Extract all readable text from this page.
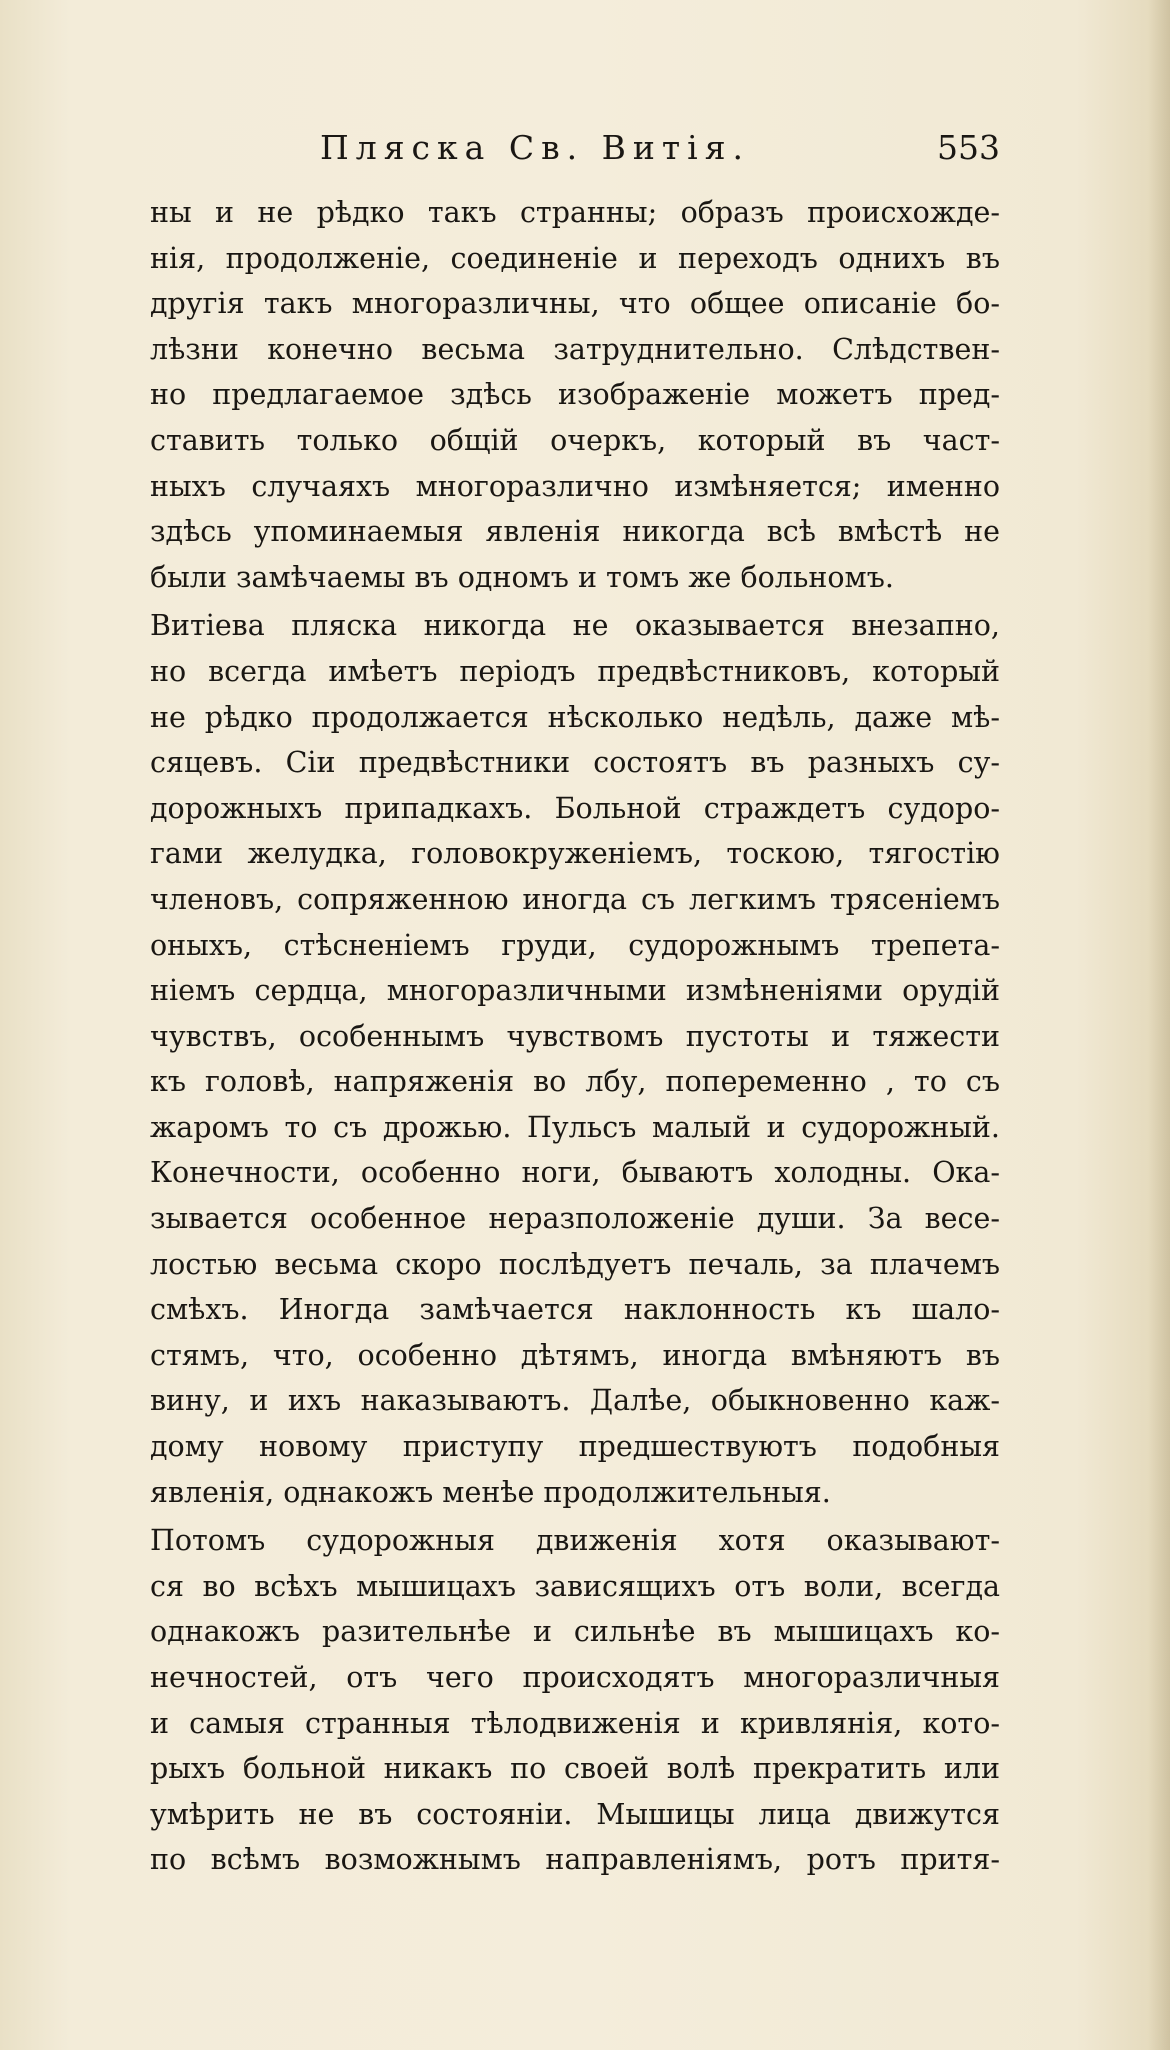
Пляска Св. Витія.	553
ны и не рѣдко такъ странны; образъ происхожде-
нія, продолженіе, соединеніе и переходъ однихъ въ
другія такъ многоразличны, что общее описаніе бо-
лѣзни конечно весьма затруднительно. Слѣдствен-
но предлагаемое здѣсь изображеніе можетъ пред-
ставить только общій очеркъ, который въ част-
ныхъ случаяхъ многоразлично измѣняется; именно
здѣсь упоминаемыя явленія никогда всѣ вмѣстѣ не
были замѣчаемы въ одномъ и томъ же больномъ.
Витіева пляска никогда не оказывается внезапно,
но всегда имѣетъ періодъ предвѣстниковъ, который
не рѣдко продолжается нѣсколько недѣль, даже мѣ-
сяцевъ. Сіи предвѣстники состоятъ въ разныхъ су-
дорожныхъ припадкахъ. Больной страждетъ судоро-
гами желудка, головокруженіемъ, тоскою, тягостію
членовъ, сопряженною иногда съ легкимъ трясеніемъ
оныхъ, стѣсненіемъ груди, судорожнымъ трепета-
ніемъ сердца, многоразличными измѣненіями орудій
чувствъ, особеннымъ чувствомъ пустоты и тяжести
къ головѣ, напряженія во лбу, попеременно , то съ
жаромъ то съ дрожью. Пульсъ малый и судорожный.
Конечности, особенно ноги, бываютъ холодны. Ока-
зывается особенное неразположеніе души. За весе-
лостью весьма скоро послѣдуетъ печаль, за плачемъ
смѣхъ. Иногда замѣчается наклонность къ шало-
стямъ, что, особенно дѣтямъ, иногда вмѣняютъ въ
вину, и ихъ наказываютъ. Далѣе, обыкновенно каж-
дому новому приступу предшествуютъ подобныя
явленія, однакожъ менѣе продолжительныя.
Потомъ судорожныя движенія хотя оказывают-
ся во всѣхъ мышицахъ зависящихъ отъ воли, всегда
однакожъ разительнѣе и сильнѣе въ мышицахъ ко-
нечностей, отъ чего происходятъ многоразличныя
и самыя странныя тѣлодвиженія и кривлянія, кото-
рыхъ больной никакъ по своей волѣ прекратить или
умѣрить не въ состояніи. Мышицы лица движутся
по всѣмъ возможнымъ направленіямъ, ротъ притя-
